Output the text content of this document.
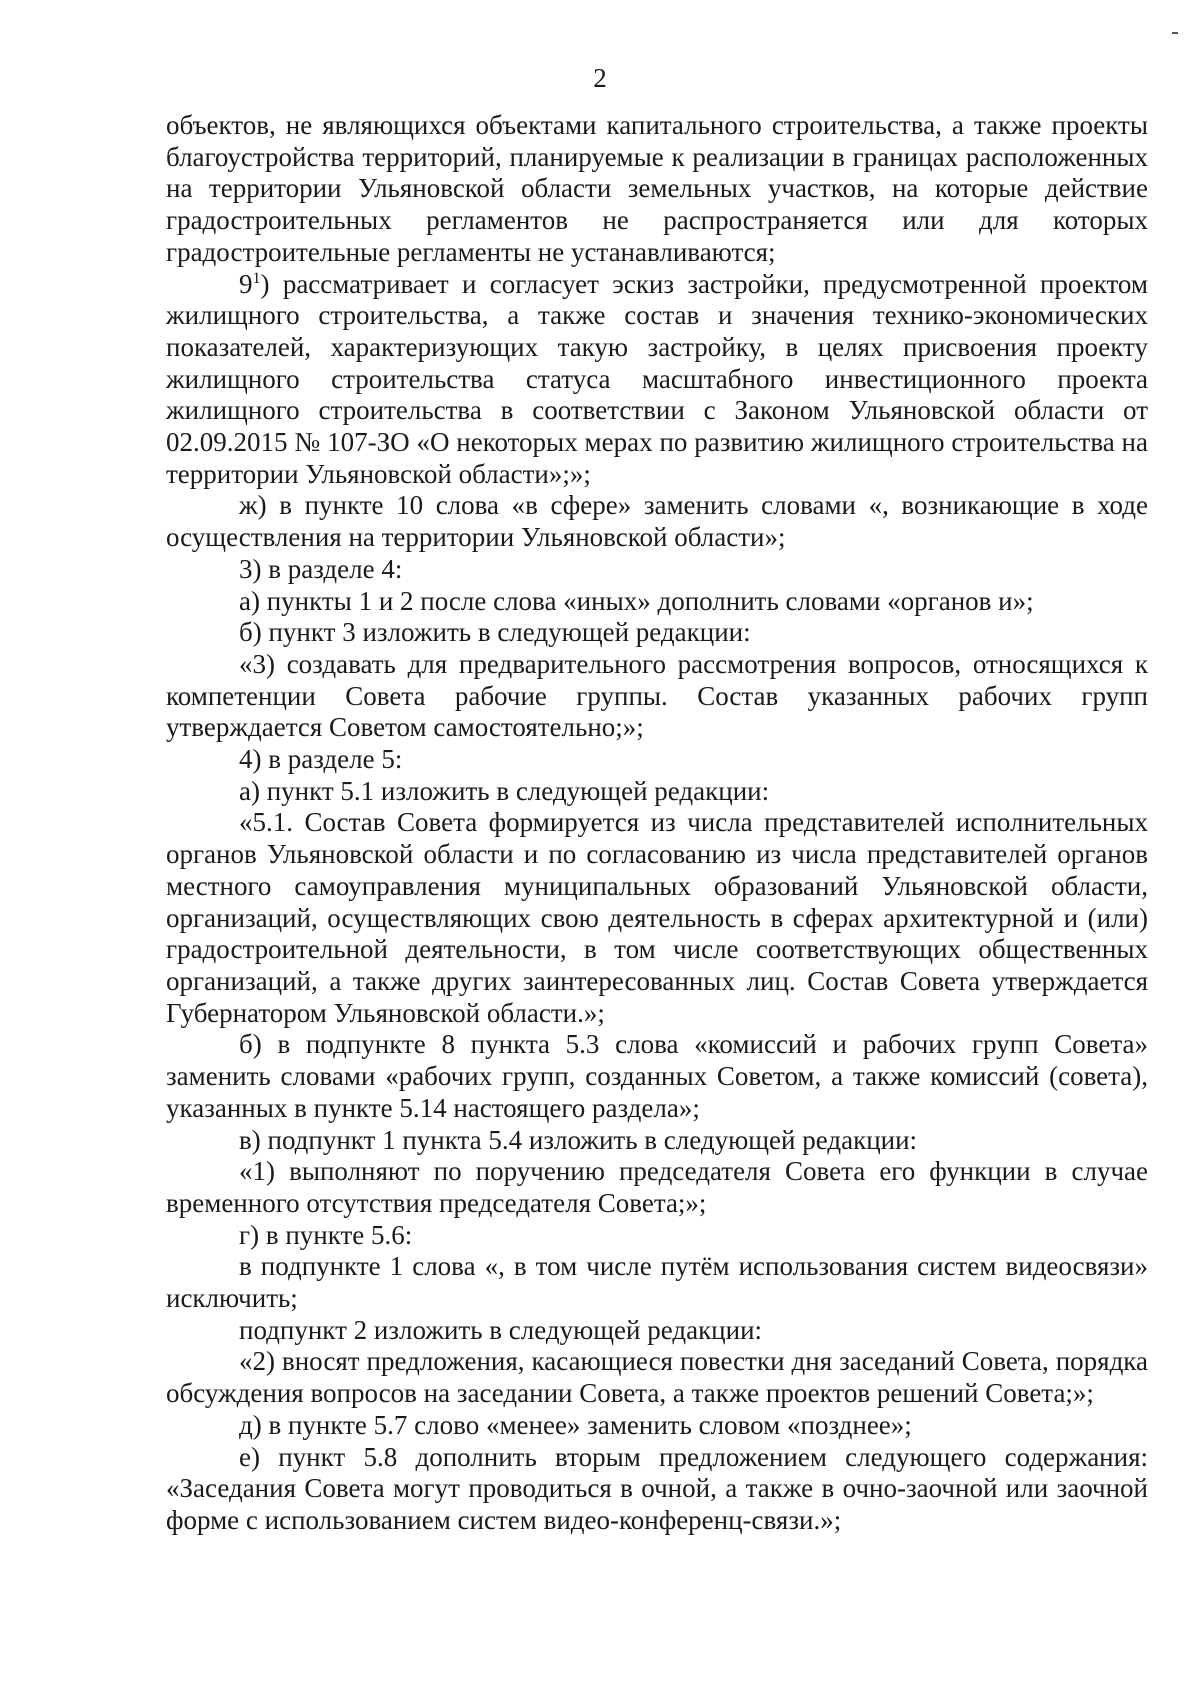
2

объектов, не являющихся объектами капитального строительства, а также проекты благоустройства территорий, планируемые к реализации в границах расположенных на территории Ульяновской области земельных участков, на которые действие градостроительных регламентов не распространяется или для которых градостроительные регламенты не устанавливаются;

$9^1$) рассматривает и согласует эскиз застройки, предусмотренной проектом жилищного строительства, а также состав и значения технико-экономических показателей, характеризующих такую застройку, в целях присвоения проекту жилищного строительства статуса масштабного инвестиционного проекта жилищного строительства в соответствии с Законом Ульяновской области от 02.09.2015 № 107-ЗО «О некоторых мерах по развитию жилищного строительства на территории Ульяновской области»;»;

ж) в пункте 10 слова «в сфере» заменить словами «, возникающие в ходе осуществления на территории Ульяновской области»;

3) в разделе 4:

а) пункты 1 и 2 после слова «иных» дополнить словами «органов и»;

б) пункт 3 изложить в следующей редакции:

«3) создавать для предварительного рассмотрения вопросов, относящихся к компетенции Совета рабочие группы. Состав указанных рабочих групп утверждается Советом самостоятельно;»;

4) в разделе 5:

а) пункт 5.1 изложить в следующей редакции:

«5.1. Состав Совета формируется из числа представителей исполнительных органов Ульяновской области и по согласованию из числа представителей органов местного самоуправления муниципальных образований Ульяновской области, организаций, осуществляющих свою деятельность в сферах архитектурной и (или) градостроительной деятельности, в том числе соответствующих общественных организаций, а также других заинтересованных лиц. Состав Совета утверждается Губернатором Ульяновской области.»;

б) в подпункте 8 пункта 5.3 слова «комиссий и рабочих групп Совета» заменить словами «рабочих групп, созданных Советом, а также комиссий (совета), указанных в пункте 5.14 настоящего раздела»;

в) подпункт 1 пункта 5.4 изложить в следующей редакции:

«1) выполняют по поручению председателя Совета его функции в случае временного отсутствия председателя Совета;»;

г) в пункте 5.6:

в подпункте 1 слова «, в том числе путём использования систем видеосвязи» исключить;

подпункт 2 изложить в следующей редакции:

«2) вносят предложения, касающиеся повестки дня заседаний Совета, порядка обсуждения вопросов на заседании Совета, а также проектов решений Совета;»;

д) в пункте 5.7 слово «менее» заменить словом «позднее»;

е) пункт 5.8 дополнить вторым предложением следующего содержания: «Заседания Совета могут проводиться в очной, а также в очно-заочной или заочной форме с использованием систем видео-конференц-связи.»;
